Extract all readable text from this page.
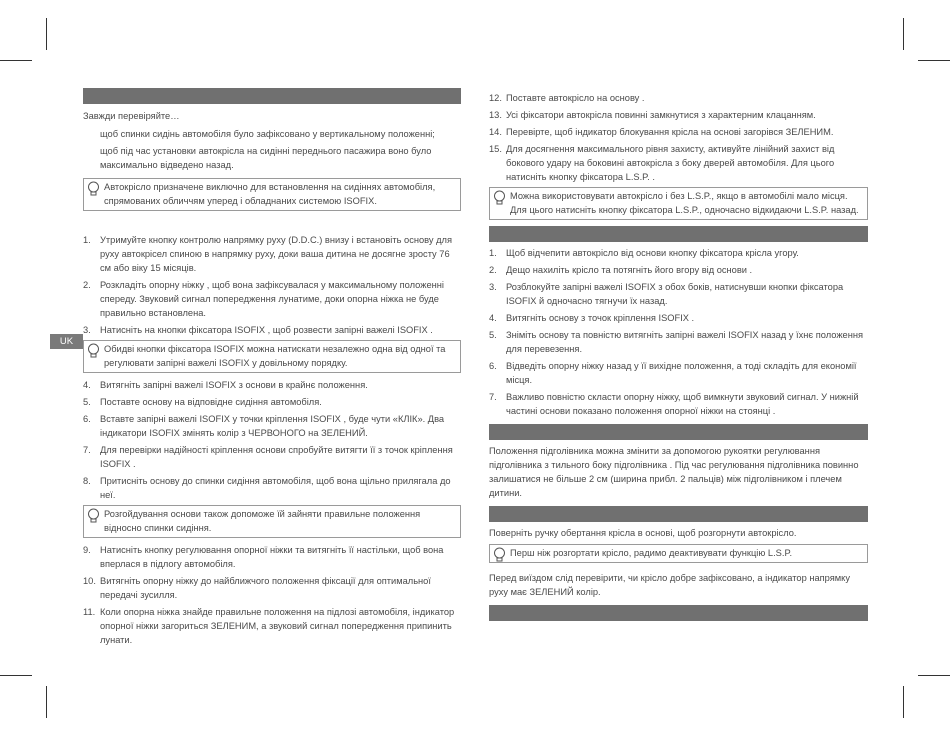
UK

Завжди перевіряйте…

щоб спинки сидінь автомобіля було зафіксовано у вертикальному положенні;

щоб під час установки автокрісла на сидінні переднього пасажира воно було максимально відведено назад.

Автокрісло призначене виключно для встановлення на сидіннях автомобіля, спрямованих обличчям уперед і обладнаних системою ISOFIX.
1. Утримуйте кнопку контролю напрямку руху (D.D.C.) внизу і встановіть основу для руху автокрісел спиною в напрямку руху, доки ваша дитина не досягне зросту 76 см або віку 15 місяців.
2. Розкладіть опорну ніжку , щоб вона зафіксувалася у максимальному положенні спереду. Звуковий сигнал попередження лунатиме, доки опорна ніжка не буде правильно встановлена.
3. Натисніть на кнопки фіксатора ISOFIX , щоб розвести запірні важелі ISOFIX .
Обидві кнопки фіксатора ISOFIX можна натискати незалежно одна від одної та регулювати запірні важелі ISOFIX у довільному порядку.
4. Витягніть запірні важелі ISOFIX з основи в крайнє положення.
5. Поставте основу на відповідне сидіння автомобіля.
6. Вставте запірні важелі ISOFIX у точки кріплення ISOFIX , буде чути «КЛІК». Два індикатори ISOFIX змінять колір з ЧЕРВОНОГО на ЗЕЛЕНИЙ.
7. Для перевірки надійності кріплення основи спробуйте витягти її з точок кріплення ISOFIX .
8. Притисніть основу до спинки сидіння автомобіля, щоб вона щільно прилягала до неї.
Розгойдування основи також допоможе їй зайняти правильне положення відносно спинки сидіння.
9. Натисніть кнопку регулювання опорної ніжки та витягніть її настільки, щоб вона вперлася в підлогу автомобіля.
10. Витягніть опорну ніжку до найближчого положення фіксації для оптимальної передачі зусилля.
11. Коли опорна ніжка знайде правильне положення на підлозі автомобіля, індикатор опорної ніжки загориться ЗЕЛЕНИМ, а звуковий сигнал попередження припинить лунати.
12. Поставте автокрісло на основу .
13. Усі фіксатори автокрісла повинні замкнутися з характерним клацанням.
14. Перевірте, щоб індикатор блокування крісла на основі загорівся ЗЕЛЕНИМ.
15. Для досягнення максимального рівня захисту, активуйте лінійний захист від бокового удару на боковині автокрісла з боку дверей автомобіля. Для цього натисніть кнопку фіксатора L.S.P. .
Можна використовувати автокрісло і без L.S.P., якщо в автомобілі мало місця. Для цього натисніть кнопку фіксатора L.S.P., одночасно відкидаючи L.S.P. назад.
1. Щоб відчепити автокрісло від основи кнопку фіксатора крісла угору.
2. Дещо нахиліть крісло та потягніть його вгору від основи .
3. Розблокуйте запірні важелі ISOFIX з обох боків, натиснувши кнопки фіксатора ISOFIX й одночасно тягнучи їх назад.
4. Витягніть основу з точок кріплення ISOFIX .
5. Зніміть основу та повністю витягніть запірні важелі ISOFIX назад у їхнє положення для перевезення.
6. Відведіть опорну ніжку назад у її вихідне положення, а тоді складіть для економії місця.
7. Важливо повністю скласти опорну ніжку, щоб вимкнути звуковий сигнал. У нижній частині основи показано положення опорної ніжки на стоянці .

Положення підголівника можна змінити за допомогою рукоятки регулювання підголівника з тильного боку підголівника . Під час регулювання підголівника повинно залишатися не більше 2 см (ширина прибл. 2 пальців) між підголівником і плечем дитини.

Поверніть ручку обертання крісла в основі, щоб розгорнути автокрісло.

Перш ніж розгортати крісло, радимо деактивувати функцію L.S.P.

Перед виїздом слід перевірити, чи крісло добре зафіксовано, а індикатор напрямку руху має ЗЕЛЕНИЙ колір.
